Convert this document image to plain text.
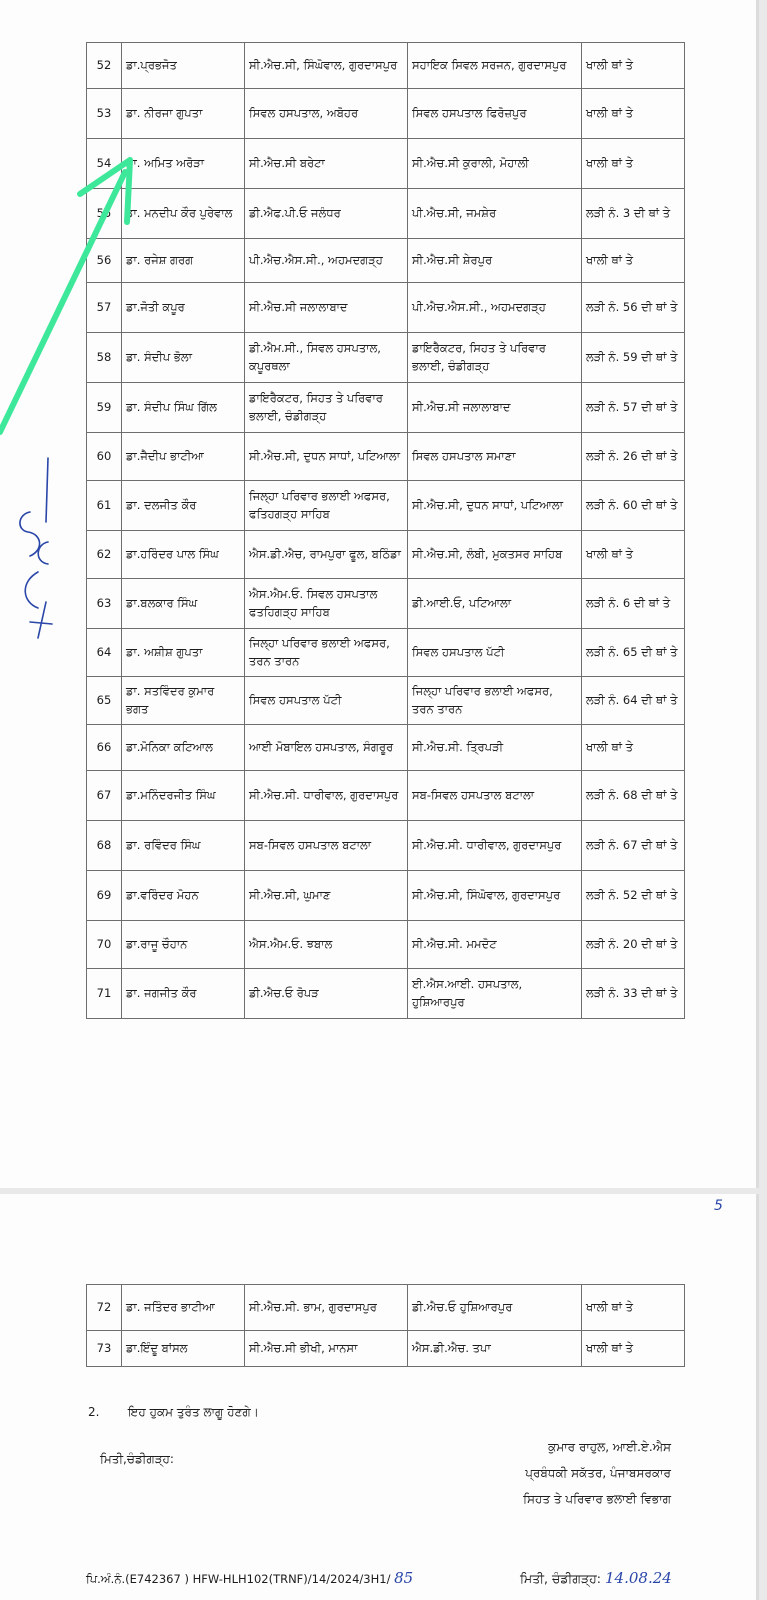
52	ਡਾ.ਪ੍ਰਭਜੋਤ	ਸੀ.ਐਚ.ਸੀ, ਸਿੰਘੋਵਾਲ, ਗੁਰਦਾਸਪੁਰ	ਸਹਾਇਕ ਸਿਵਲ ਸਰਜਨ, ਗੁਰਦਾਸਪੁਰ	ਖਾਲੀ ਥਾਂ ਤੇ
53	ਡਾ. ਨੀਰਜਾ ਗੁਪਤਾ	ਸਿਵਲ ਹਸਪਤਾਲ, ਅਬੋਹਰ	ਸਿਵਲ ਹਸਪਤਾਲ ਫਿਰੋਜ਼ਪੁਰ	ਖਾਲੀ ਥਾਂ ਤੇ
54	ਡਾ. ਅਮਿਤ ਅਰੋੜਾ	ਸੀ.ਐਚ.ਸੀ ਬਰੇਟਾ	ਸੀ.ਐਚ.ਸੀ ਕੁਰਾਲੀ, ਮੋਹਾਲੀ	ਖਾਲੀ ਥਾਂ ਤੇ
55	ਡਾ. ਮਨਦੀਪ ਕੌਰ ਪੁਰੇਵਾਲ	ਡੀ.ਐਫ.ਪੀ.ਓ ਜਲੰਧਰ	ਪੀ.ਐਚ.ਸੀ, ਜਮਸ਼ੇਰ	ਲੜੀ ਨੰ. 3 ਦੀ ਥਾਂ ਤੇ
56	ਡਾ. ਰਜੇਸ਼ ਗਰਗ	ਪੀ.ਐਚ.ਐਸ.ਸੀ., ਅਹਮਦਗੜ੍ਹ	ਸੀ.ਐਚ.ਸੀ ਸ਼ੇਰਪੁਰ	ਖਾਲੀ ਥਾਂ ਤੇ
57	ਡਾ.ਜੋਤੀ ਕਪੂਰ	ਸੀ.ਐਚ.ਸੀ ਜਲਾਲਾਬਾਦ	ਪੀ.ਐਚ.ਐਸ.ਸੀ., ਅਹਮਦਗੜ੍ਹ	ਲੜੀ ਨੰ. 56 ਦੀ ਥਾਂ ਤੇ
58	ਡਾ. ਸੰਦੀਪ ਭੋਲਾ	ਡੀ.ਐਮ.ਸੀ., ਸਿਵਲ ਹਸਪਤਾਲ, ਕਪੂਰਥਲਾ	ਡਾਇਰੈਕਟਰ, ਸਿਹਤ ਤੇ ਪਰਿਵਾਰ ਭਲਾਈ, ਚੰਡੀਗੜ੍ਹ	ਲੜੀ ਨੰ. 59 ਦੀ ਥਾਂ ਤੇ
59	ਡਾ. ਸੰਦੀਪ ਸਿੰਘ ਗਿੱਲ	ਡਾਇਰੈਕਟਰ, ਸਿਹਤ ਤੇ ਪਰਿਵਾਰ ਭਲਾਈ, ਚੰਡੀਗੜ੍ਹ	ਸੀ.ਐਚ.ਸੀ ਜਲਾਲਾਬਾਦ	ਲੜੀ ਨੰ. 57 ਦੀ ਥਾਂ ਤੇ
60	ਡਾ.ਜੈਦੀਪ ਭਾਟੀਆ	ਸੀ.ਐਚ.ਸੀ, ਦੁਧਨ ਸਾਧਾਂ, ਪਟਿਆਲਾ	ਸਿਵਲ ਹਸਪਤਾਲ ਸਮਾਣਾ	ਲੜੀ ਨੰ. 26 ਦੀ ਥਾਂ ਤੇ
61	ਡਾ. ਦਲਜੀਤ ਕੌਰ	ਜਿਲ੍ਹਾ ਪਰਿਵਾਰ ਭਲਾਈ ਅਫਸਰ, ਫਤਿਹਗੜ੍ਹ ਸਾਹਿਬ	ਸੀ.ਐਚ.ਸੀ, ਦੁਧਨ ਸਾਧਾਂ, ਪਟਿਆਲਾ	ਲੜੀ ਨੰ. 60 ਦੀ ਥਾਂ ਤੇ
62	ਡਾ.ਹਰਿੰਦਰ ਪਾਲ ਸਿੰਘ	ਐਸ.ਡੀ.ਐਚ, ਰਾਮਪੁਰਾ ਫੂਲ, ਬਠਿੰਡਾ	ਸੀ.ਐਚ.ਸੀ, ਲੰਬੀ, ਮੁਕਤਸਰ ਸਾਹਿਬ	ਖਾਲੀ ਥਾਂ ਤੇ
63	ਡਾ.ਬਲਕਾਰ ਸਿੰਘ	ਐਸ.ਐਮ.ਓ. ਸਿਵਲ ਹਸਪਤਾਲ ਫਤਹਿਗੜ੍ਹ ਸਾਹਿਬ	ਡੀ.ਆਈ.ਓ, ਪਟਿਆਲਾ	ਲੜੀ ਨੰ. 6 ਦੀ ਥਾਂ ਤੇ
64	ਡਾ. ਅਸ਼ੀਸ਼ ਗੁਪਤਾ	ਜਿਲ੍ਹਾ ਪਰਿਵਾਰ ਭਲਾਈ ਅਫਸਰ, ਤਰਨ ਤਾਰਨ	ਸਿਵਲ ਹਸਪਤਾਲ ਪੱਟੀ	ਲੜੀ ਨੰ. 65 ਦੀ ਥਾਂ ਤੇ
65	ਡਾ. ਸਤਵਿੰਦਰ ਕੁਮਾਰ ਭਗਤ	ਸਿਵਲ ਹਸਪਤਾਲ ਪੱਟੀ	ਜਿਲ੍ਹਾ ਪਰਿਵਾਰ ਭਲਾਈ ਅਫਸਰ, ਤਰਨ ਤਾਰਨ	ਲੜੀ ਨੰ. 64 ਦੀ ਥਾਂ ਤੇ
66	ਡਾ.ਮੋਨਿਕਾ ਕਟਿਆਲ	ਆਈ ਮੋਬਾਇਲ ਹਸਪਤਾਲ, ਸੰਗਰੂਰ	ਸੀ.ਐਚ.ਸੀ. ਤ੍ਰਿਪੜੀ	ਖਾਲੀ ਥਾਂ ਤੇ
67	ਡਾ.ਮਨਿੰਦਰਜੀਤ ਸਿੰਘ	ਸੀ.ਐਚ.ਸੀ. ਧਾਰੀਵਾਲ, ਗੁਰਦਾਸਪੁਰ	ਸਬ-ਸਿਵਲ ਹਸਪਤਾਲ ਬਟਾਲਾ	ਲੜੀ ਨੰ. 68 ਦੀ ਥਾਂ ਤੇ
68	ਡਾ. ਰਵਿੰਦਰ ਸਿੰਘ	ਸਬ-ਸਿਵਲ ਹਸਪਤਾਲ ਬਟਾਲਾ	ਸੀ.ਐਚ.ਸੀ. ਧਾਰੀਵਾਲ, ਗੁਰਦਾਸਪੁਰ	ਲੜੀ ਨੰ. 67 ਦੀ ਥਾਂ ਤੇ
69	ਡਾ.ਵਰਿੰਦਰ ਮੋਹਨ	ਸੀ.ਐਚ.ਸੀ, ਘੁਮਾਣ	ਸੀ.ਐਚ.ਸੀ, ਸਿੰਘੋਵਾਲ, ਗੁਰਦਾਸਪੁਰ	ਲੜੀ ਨੰ. 52 ਦੀ ਥਾਂ ਤੇ
70	ਡਾ.ਰਾਜੂ ਚੌਹਾਨ	ਐਸ.ਐਮ.ਓ. ਝਬਾਲ	ਸੀ.ਐਚ.ਸੀ. ਮਮਦੋਟ	ਲੜੀ ਨੰ. 20 ਦੀ ਥਾਂ ਤੇ
71	ਡਾ. ਜਗਜੀਤ ਕੌਰ	ਡੀ.ਐਚ.ਓ ਰੋਪੜ	ਈ.ਐਸ.ਆਈ. ਹਸਪਤਾਲ, ਹੁਸ਼ਿਆਰਪੁਰ	ਲੜੀ ਨੰ. 33 ਦੀ ਥਾਂ ਤੇ
5
72	ਡਾ. ਜਤਿੰਦਰ ਭਾਟੀਆ	ਸੀ.ਐਚ.ਸੀ. ਭਾਮ, ਗੁਰਦਾਸਪੁਰ	ਡੀ.ਐਚ.ਓ ਹੁਸ਼ਿਆਰਪੁਰ	ਖਾਲੀ ਥਾਂ ਤੇ
73	ਡਾ.ਇੰਦੂ ਬਾਂਸਲ	ਸੀ.ਐਚ.ਸੀ ਭੀਖੀ, ਮਾਨਸਾ	ਐਸ.ਡੀ.ਐਚ. ਤਪਾ	ਖਾਲੀ ਥਾਂ ਤੇ
2. ਇਹ ਹੁਕਮ ਤੁਰੰਤ ਲਾਗੂ ਹੋਣਗੇ।
ਕੁਮਾਰ ਰਾਹੁਲ, ਆਈ.ਏ.ਐਸ
ਪ੍ਰਬੰਧਕੀ ਸਕੱਤਰ, ਪੰਜਾਬਸਰਕਾਰ
ਸਿਹਤ ਤੇ ਪਰਿਵਾਰ ਭਲਾਈ ਵਿਭਾਗ
ਮਿਤੀ,ਚੰਡੀਗੜ੍ਹ:
ਪਿ.ਅੰ.ਨੰ.(E742367 ) HFW-HLH102(TRNF)/14/2024/3H1/ 85	ਮਿਤੀ, ਚੰਡੀਗੜ੍ਹ: 14.08.24
